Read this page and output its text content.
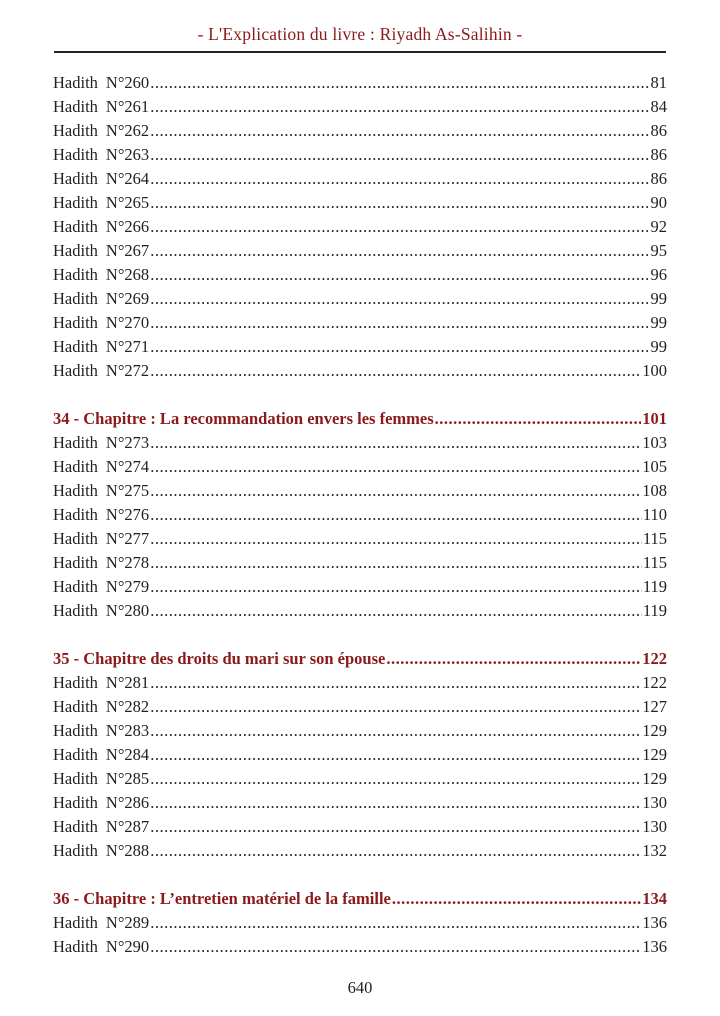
- L'Explication du livre : Riyadh As-Salihin -
Hadith N°260 .....	81
Hadith N°261 .....	84
Hadith N°262 .....	86
Hadith N°263 .....	86
Hadith N°264 .....	86
Hadith N°265 .....	90
Hadith N°266 .....	92
Hadith N°267 .....	95
Hadith N°268 .....	96
Hadith N°269 .....	99
Hadith N°270 .....	99
Hadith N°271 .....	99
Hadith N°272 .....	100
34 - Chapitre : La recommandation envers les femmes .....	101
Hadith N°273 .....	103
Hadith N°274 .....	105
Hadith N°275 .....	108
Hadith N°276 .....	110
Hadith N°277 .....	115
Hadith N°278 .....	115
Hadith N°279 .....	119
Hadith N°280 .....	119
35 - Chapitre des droits du mari sur son épouse .....	122
Hadith N°281 .....	122
Hadith N°282 .....	127
Hadith N°283 .....	129
Hadith N°284 .....	129
Hadith N°285 .....	129
Hadith N°286 .....	130
Hadith N°287 .....	130
Hadith N°288 .....	132
36 - Chapitre : L’entretien matériel de la famille .....	134
Hadith N°289 .....	136
Hadith N°290 .....	136
640
